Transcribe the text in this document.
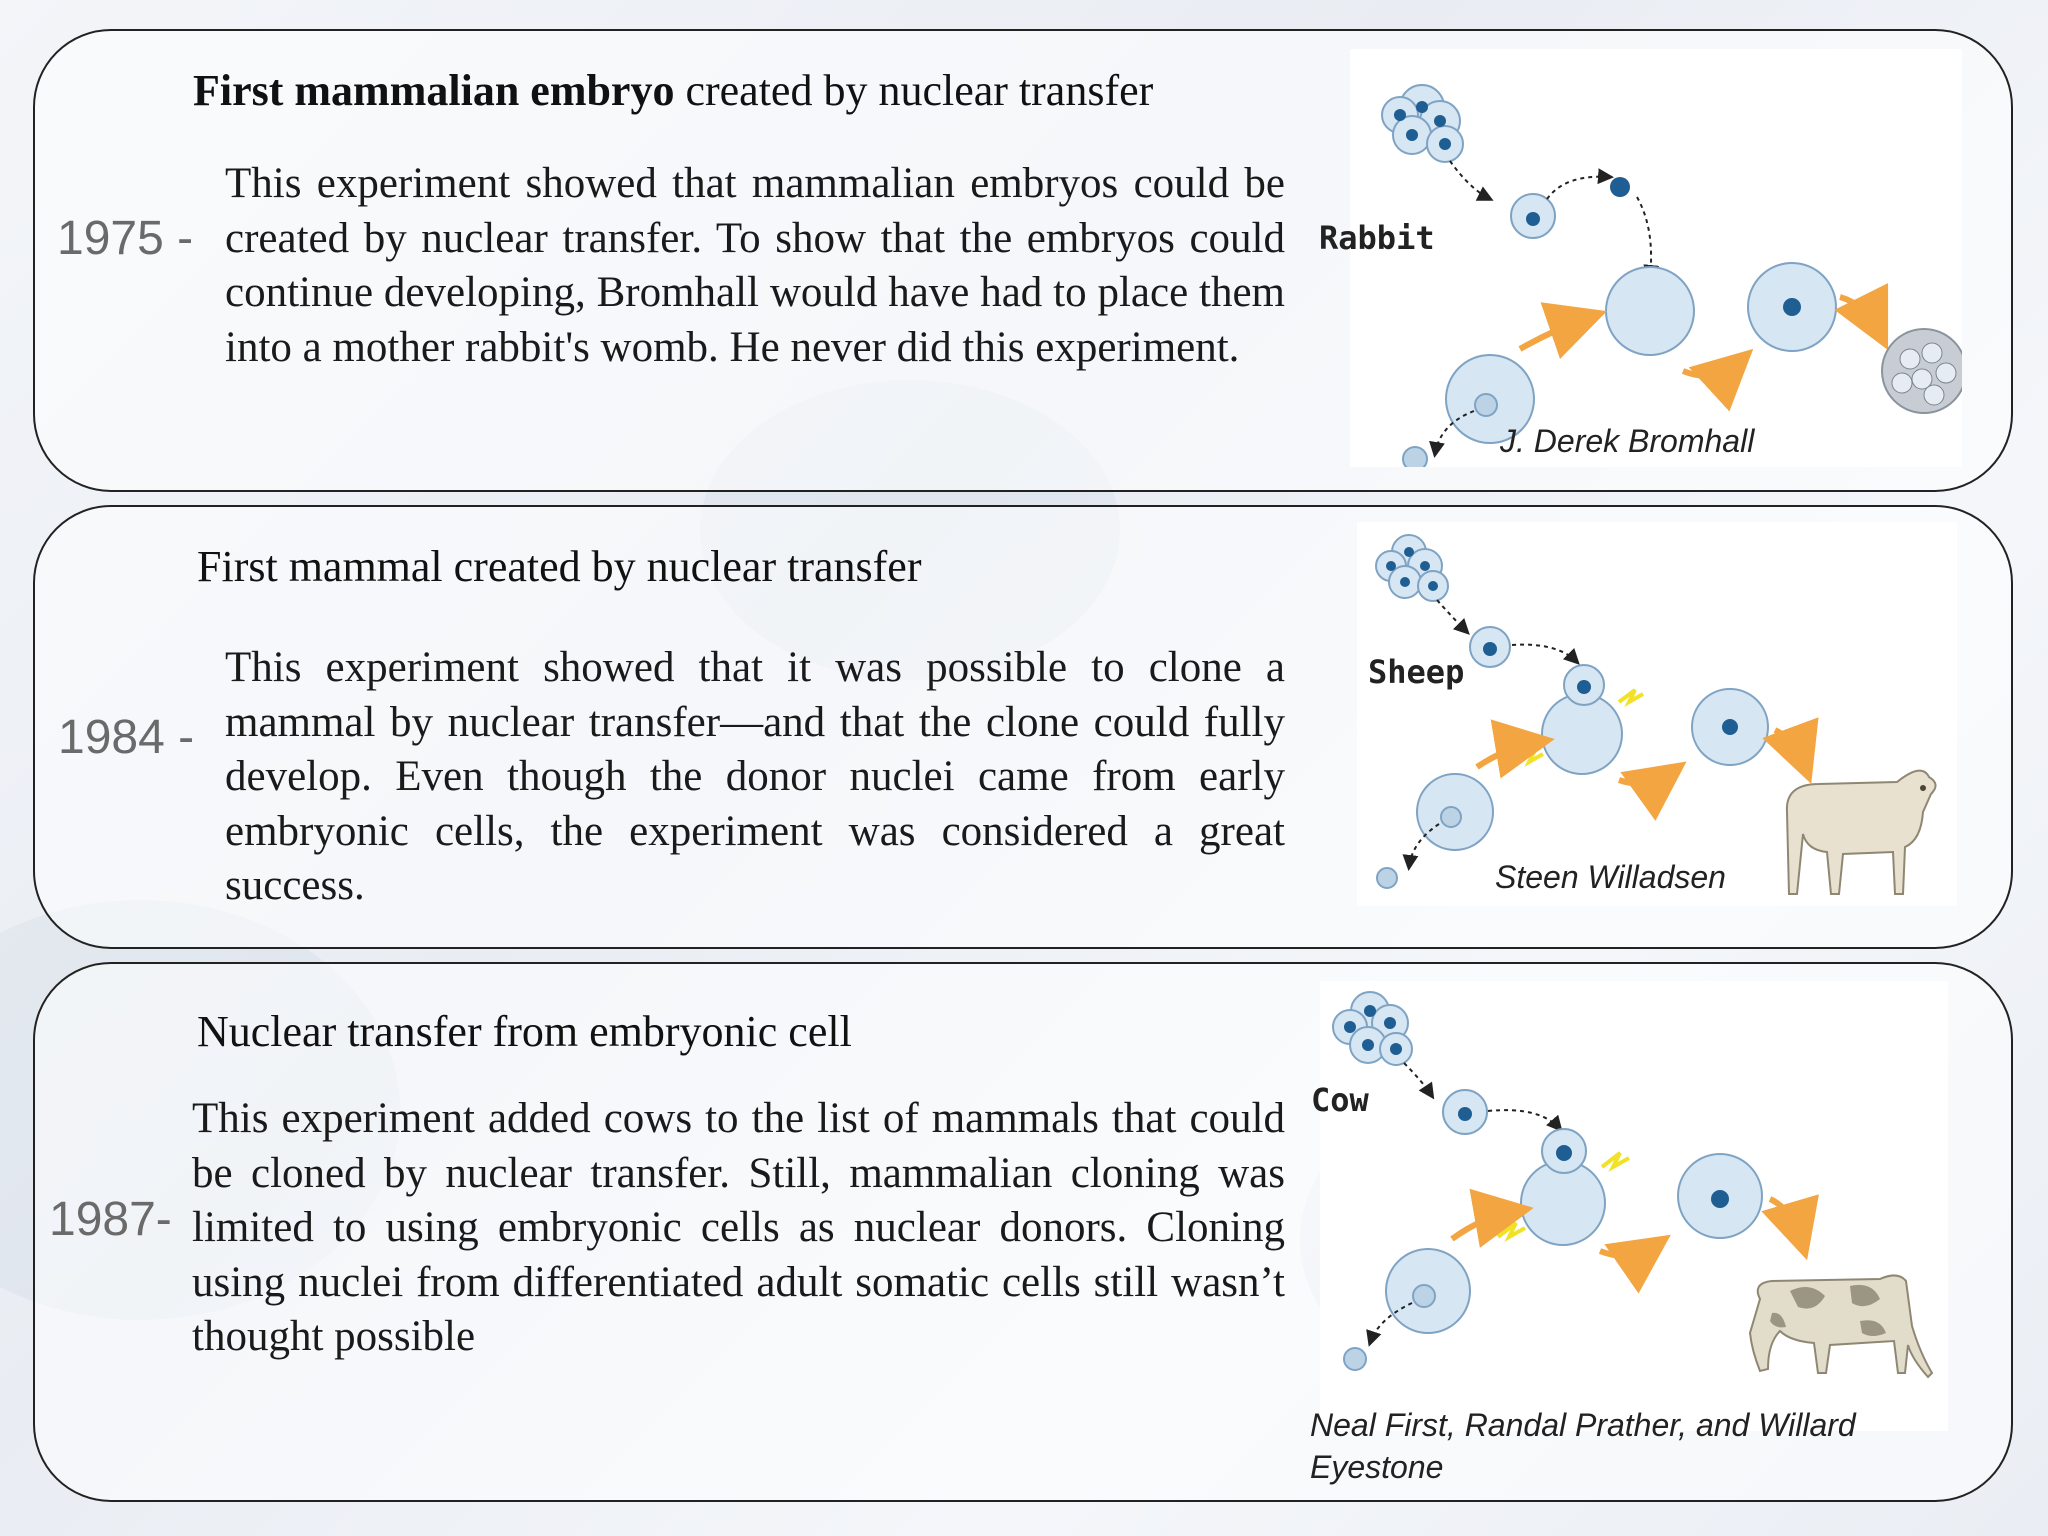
First mammalian embryo created by nuclear transfer

1975 -

This experiment showed that mammalian embryos could be created by nuclear transfer. To show that the embryos could continue developing, Bromhall would have had to place them into a mother rabbit's womb. He never did this experiment.

Rabbit
J. Derek Bromhall

First mammal created by nuclear transfer

1984 -

This experiment showed that it was possible to clone a mammal by nuclear transfer—and that the clone could fully develop. Even though the donor nuclei came from early embryonic cells, the experiment was considered a great success.

Sheep
Steen Willadsen

Nuclear transfer from embryonic cell

1987-

This experiment added cows to the list of mammals that could be cloned by nuclear transfer. Still, mammalian cloning was limited to using embryonic cells as nuclear donors. Cloning using nuclei from differentiated adult somatic cells still wasn’t thought possible

Cow
Neal First, Randal Prather, and Willard Eyestone
